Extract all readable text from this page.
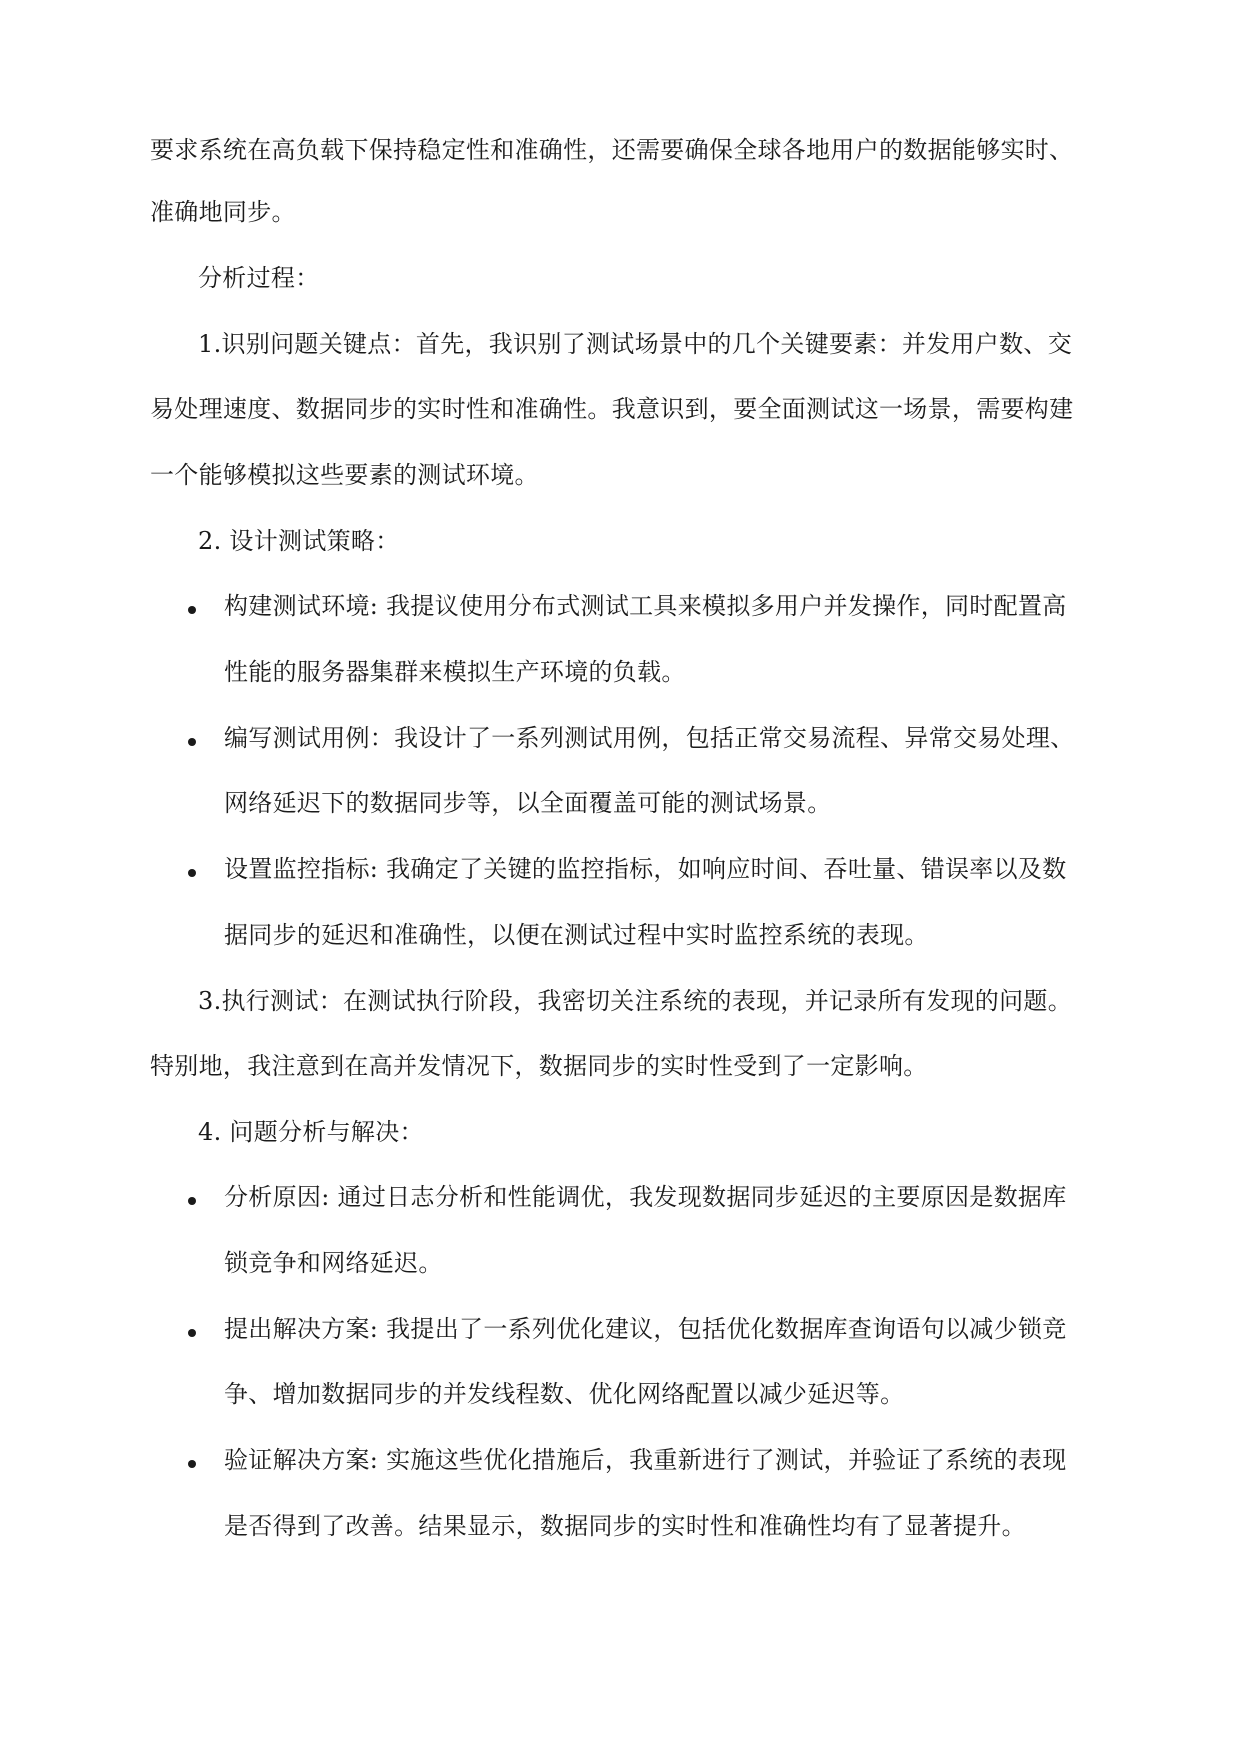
要求系统在高负载下保持稳定性和准确性，还需要确保全球各地用户的数据能够实时、
准确地同步。
分析过程：
1.识别问题关键点：首先，我识别了测试场景中的几个关键要素：并发用户数、交
易处理速度、数据同步的实时性和准确性。我意识到，要全面测试这一场景，需要构建
一个能够模拟这些要素的测试环境。
2. 设计测试策略：
构建测试环境: 我提议使用分布式测试工具来模拟多用户并发操作，同时配置高
性能的服务器集群来模拟生产环境的负载。
编写测试用例：我设计了一系列测试用例，包括正常交易流程、异常交易处理、
网络延迟下的数据同步等，以全面覆盖可能的测试场景。
设置监控指标: 我确定了关键的监控指标，如响应时间、吞吐量、错误率以及数
据同步的延迟和准确性，以便在测试过程中实时监控系统的表现。
3.执行测试：在测试执行阶段，我密切关注系统的表现，并记录所有发现的问题。
特别地，我注意到在高并发情况下，数据同步的实时性受到了一定影响。
4. 问题分析与解决：
分析原因: 通过日志分析和性能调优，我发现数据同步延迟的主要原因是数据库
锁竞争和网络延迟。
提出解决方案: 我提出了一系列优化建议，包括优化数据库查询语句以减少锁竞
争、增加数据同步的并发线程数、优化网络配置以减少延迟等。
验证解决方案: 实施这些优化措施后，我重新进行了测试，并验证了系统的表现
是否得到了改善。结果显示，数据同步的实时性和准确性均有了显著提升。
